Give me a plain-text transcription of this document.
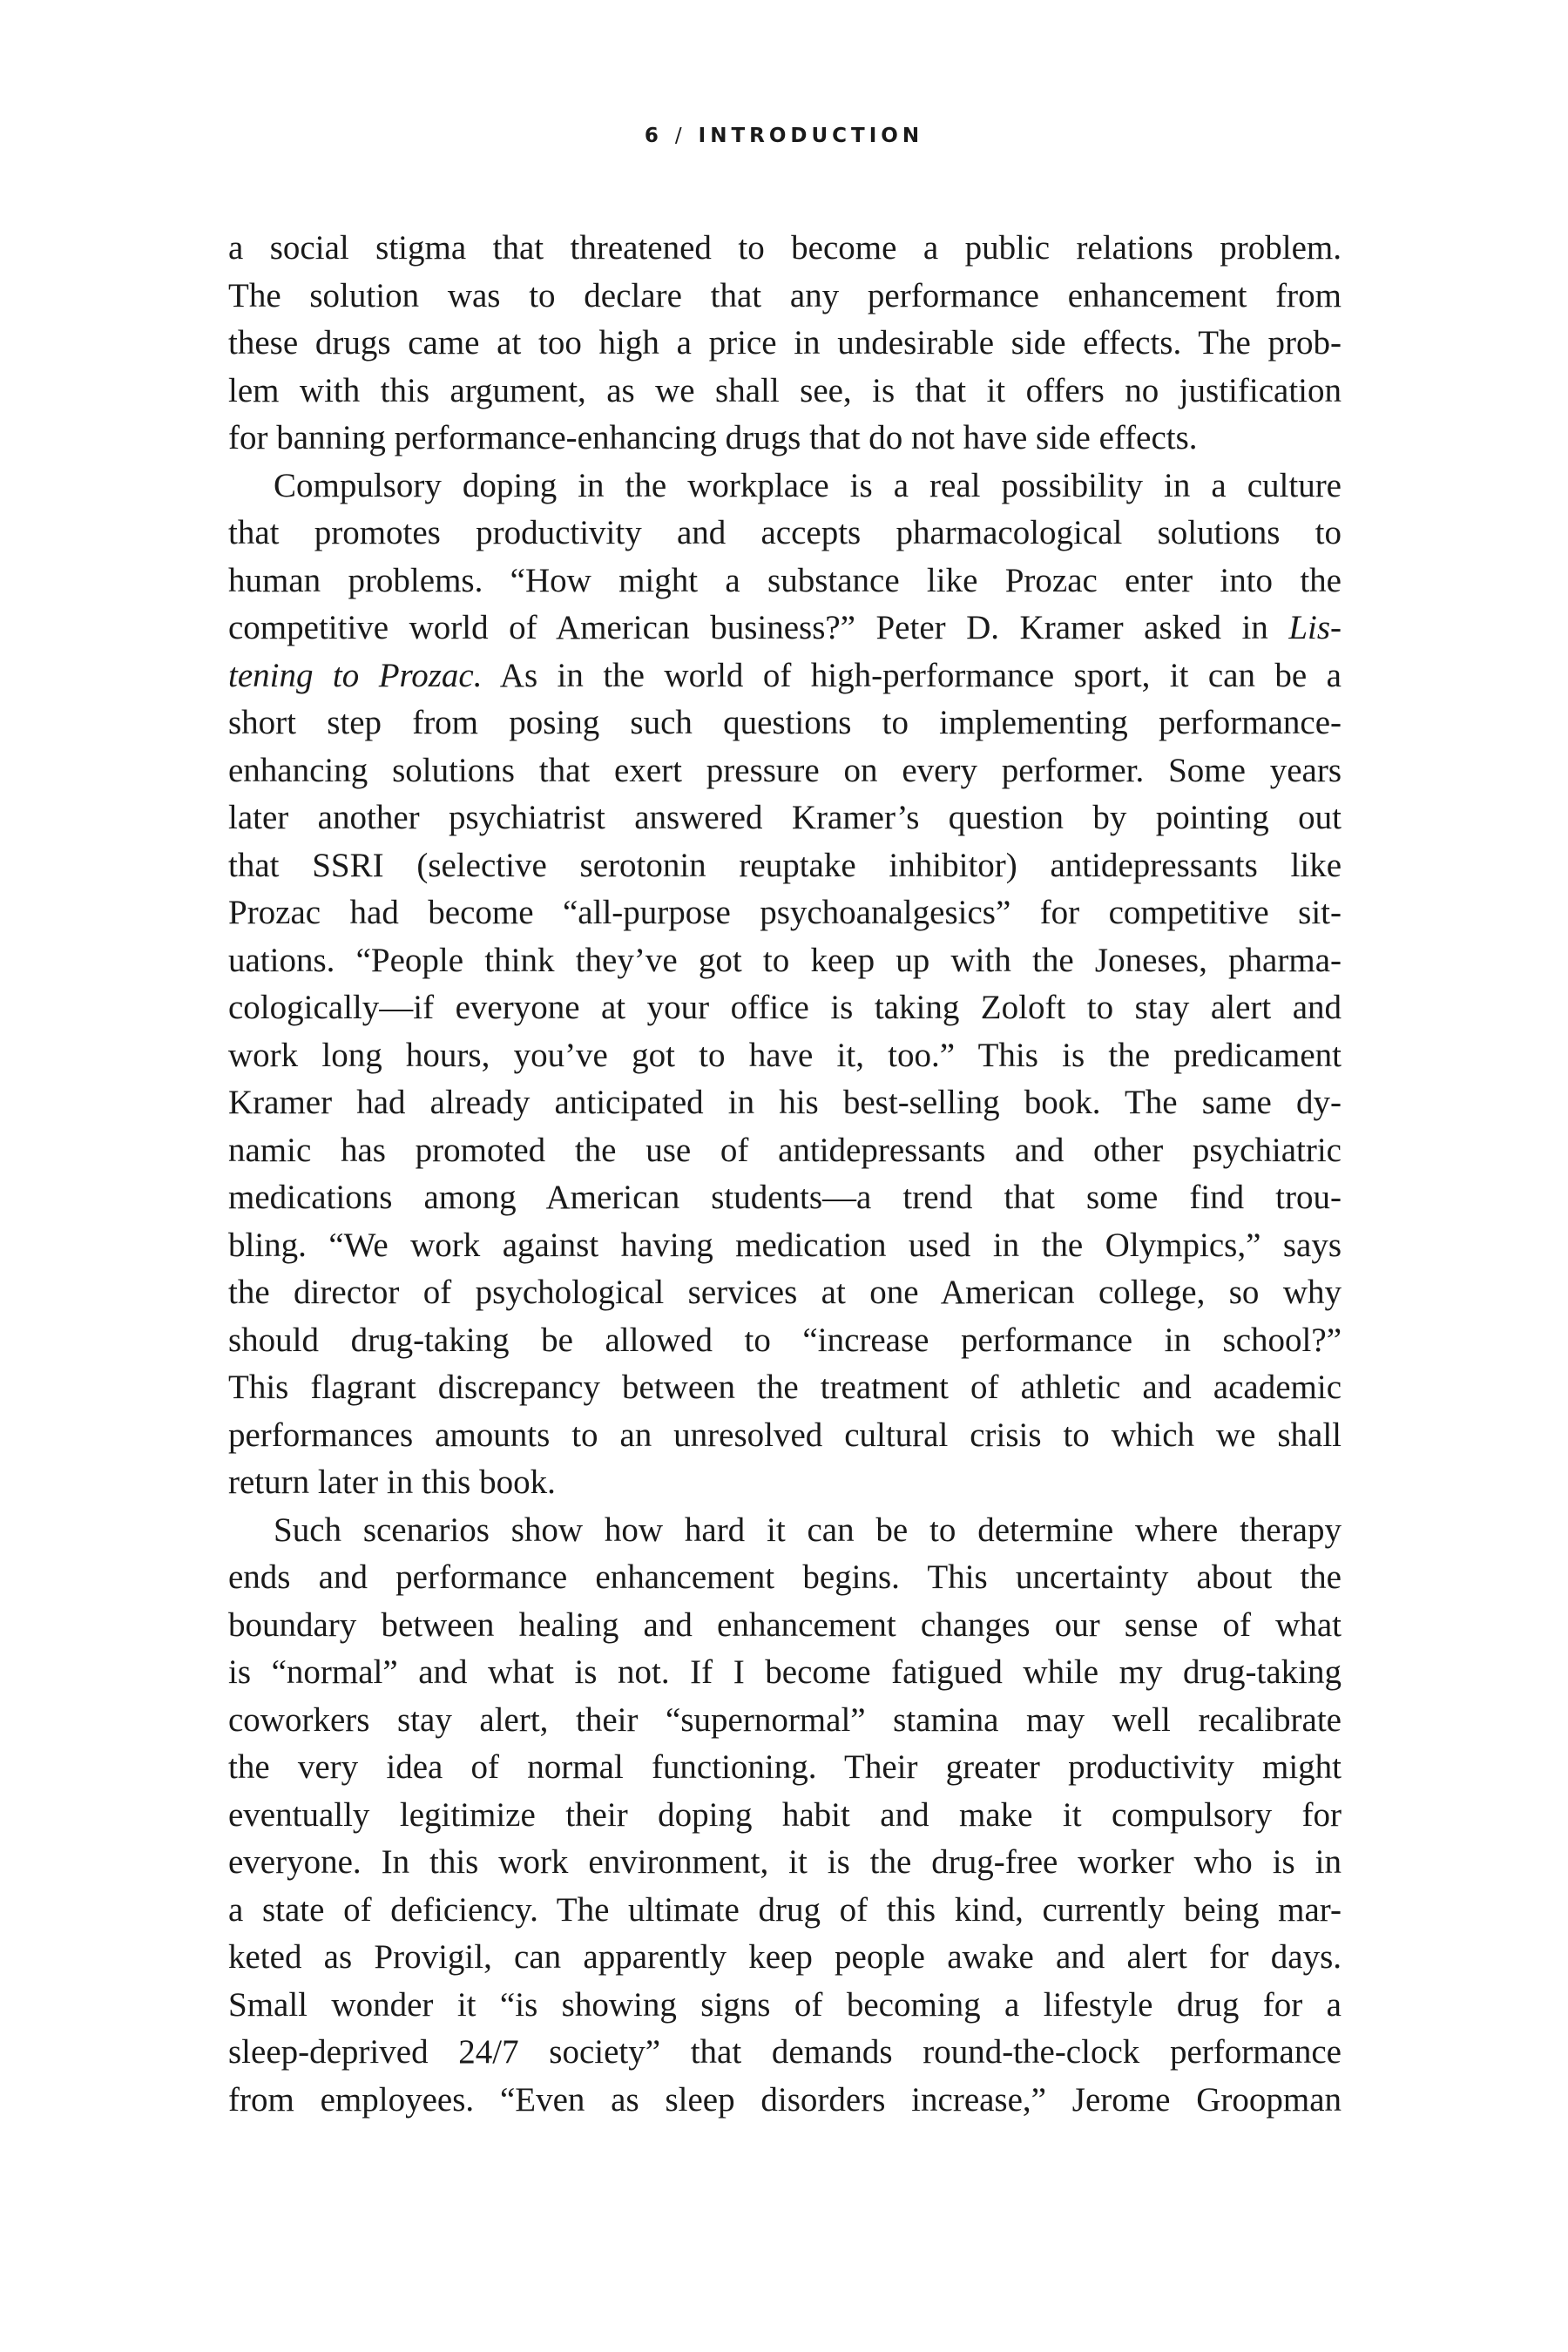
6 / INTRODUCTION
a social stigma that threatened to become a public relations problem.
The solution was to declare that any performance enhancement from
these drugs came at too high a price in undesirable side effects. The prob-
lem with this argument, as we shall see, is that it offers no justification
for banning performance-enhancing drugs that do not have side effects.
Compulsory doping in the workplace is a real possibility in a culture
that promotes productivity and accepts pharmacological solutions to
human problems. “How might a substance like Prozac enter into the
competitive world of American business?” Peter D. Kramer asked in Lis-
tening to Prozac. As in the world of high-performance sport, it can be a
short step from posing such questions to implementing performance-
enhancing solutions that exert pressure on every performer. Some years
later another psychiatrist answered Kramer’s question by pointing out
that SSRI (selective serotonin reuptake inhibitor) antidepressants like
Prozac had become “all-purpose psychoanalgesics” for competitive sit-
uations. “People think they’ve got to keep up with the Joneses, pharma-
cologically—if everyone at your office is taking Zoloft to stay alert and
work long hours, you’ve got to have it, too.” This is the predicament
Kramer had already anticipated in his best-selling book. The same dy-
namic has promoted the use of antidepressants and other psychiatric
medications among American students—a trend that some find trou-
bling. “We work against having medication used in the Olympics,” says
the director of psychological services at one American college, so why
should drug-taking be allowed to “increase performance in school?”
This flagrant discrepancy between the treatment of athletic and academic
performances amounts to an unresolved cultural crisis to which we shall
return later in this book.
Such scenarios show how hard it can be to determine where therapy
ends and performance enhancement begins. This uncertainty about the
boundary between healing and enhancement changes our sense of what
is “normal” and what is not. If I become fatigued while my drug-taking
coworkers stay alert, their “supernormal” stamina may well recalibrate
the very idea of normal functioning. Their greater productivity might
eventually legitimize their doping habit and make it compulsory for
everyone. In this work environment, it is the drug-free worker who is in
a state of deficiency. The ultimate drug of this kind, currently being mar-
keted as Provigil, can apparently keep people awake and alert for days.
Small wonder it “is showing signs of becoming a lifestyle drug for a
sleep-deprived 24/7 society” that demands round-the-clock performance
from employees. “Even as sleep disorders increase,” Jerome Groopman
